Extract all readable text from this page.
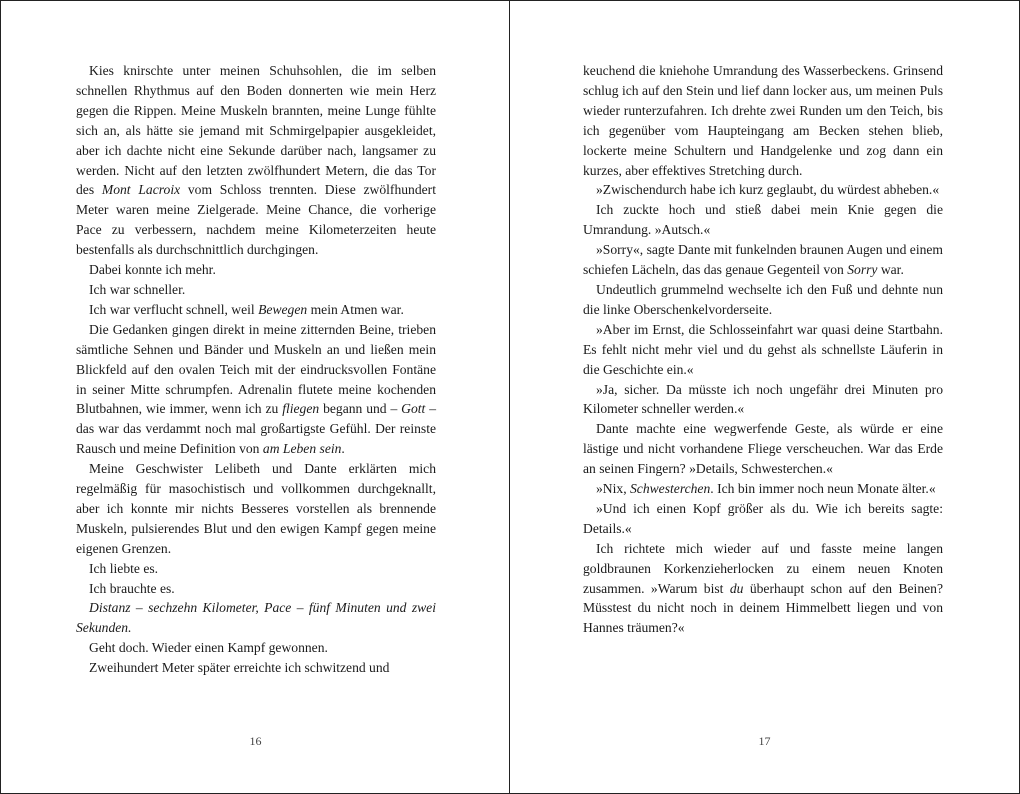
Kies knirschte unter meinen Schuhsohlen, die im selben schnellen Rhythmus auf den Boden donnerten wie mein Herz gegen die Rippen. Meine Muskeln brannten, meine Lunge fühlte sich an, als hätte sie jemand mit Schmirgelpapier ausgekleidet, aber ich dachte nicht eine Sekunde darüber nach, langsamer zu werden. Nicht auf den letzten zwölfhundert Metern, die das Tor des Mont Lacroix vom Schloss trennten. Diese zwölfhundert Meter waren meine Zielgerade. Meine Chance, die vorherige Pace zu verbessern, nachdem meine Kilometerzeiten heute bestenfalls als durchschnittlich durchgingen.

Dabei konnte ich mehr.

Ich war schneller.

Ich war verflucht schnell, weil Bewegen mein Atmen war.

Die Gedanken gingen direkt in meine zitternden Beine, trieben sämtliche Sehnen und Bänder und Muskeln an und ließen mein Blickfeld auf den ovalen Teich mit der eindrucksvollen Fontäne in seiner Mitte schrumpfen. Adrenalin flutete meine kochenden Blutbahnen, wie immer, wenn ich zu fliegen begann und – Gott – das war das verdammt noch mal großartigste Gefühl. Der reinste Rausch und meine Definition von am Leben sein.

Meine Geschwister Lelibeth und Dante erklärten mich regelmäßig für masochistisch und vollkommen durchgeknallt, aber ich konnte mir nichts Besseres vorstellen als brennende Muskeln, pulsierendes Blut und den ewigen Kampf gegen meine eigenen Grenzen.

Ich liebte es.

Ich brauchte es.

Distanz – sechzehn Kilometer, Pace – fünf Minuten und zwei Sekunden.

Geht doch. Wieder einen Kampf gewonnen.

Zweihundert Meter später erreichte ich schwitzend und

16

keuchend die kniehohe Umrandung des Wasserbeckens. Grinsend schlug ich auf den Stein und lief dann locker aus, um meinen Puls wieder runterzufahren. Ich drehte zwei Runden um den Teich, bis ich gegenüber vom Haupteingang am Becken stehen blieb, lockerte meine Schultern und Handgelenke und zog dann ein kurzes, aber effektives Stretching durch.

»Zwischendurch habe ich kurz geglaubt, du würdest abheben.«

Ich zuckte hoch und stieß dabei mein Knie gegen die Umrandung. »Autsch.«

»Sorry«, sagte Dante mit funkelnden braunen Augen und einem schiefen Lächeln, das das genaue Gegenteil von Sorry war.

Undeutlich grummelnd wechselte ich den Fuß und dehnte nun die linke Oberschenkelvorderseite.

»Aber im Ernst, die Schlosseinfahrt war quasi deine Startbahn. Es fehlt nicht mehr viel und du gehst als schnellste Läuferin in die Geschichte ein.«

»Ja, sicher. Da müsste ich noch ungefähr drei Minuten pro Kilometer schneller werden.«

Dante machte eine wegwerfende Geste, als würde er eine lästige und nicht vorhandene Fliege verscheuchen. War das Erde an seinen Fingern? »Details, Schwesterchen.«

»Nix, Schwesterchen. Ich bin immer noch neun Monate älter.«

»Und ich einen Kopf größer als du. Wie ich bereits sagte: Details.«

Ich richtete mich wieder auf und fasste meine langen goldbraunen Korkenzieherlocken zu einem neuen Knoten zusammen. »Warum bist du überhaupt schon auf den Beinen? Müsstest du nicht noch in deinem Himmelbett liegen und von Hannes träumen?«

17
